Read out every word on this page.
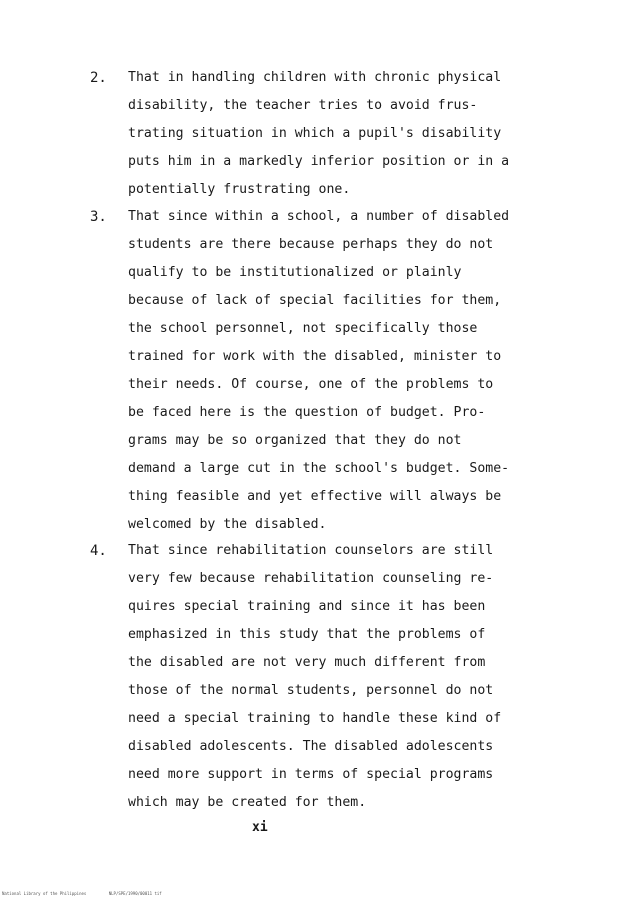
2. That in handling children with chronic physical
disability, the teacher tries to avoid frus-
trating situation in which a pupil's disability
puts him in a markedly inferior position or in a
potentially frustrating one.
3. That since within a school, a number of disabled
students are there because perhaps they do not
qualify to be institutionalized or plainly
because of lack of special facilities for them,
the school personnel, not specifically those
trained for work with the disabled, minister to
their needs. Of course, one of the problems to
be faced here is the question of budget. Pro-
grams may be so organized that they do not
demand a large cut in the school's budget. Some-
thing feasible and yet effective will always be
welcomed by the disabled.
4. That since rehabilitation counselors are still
very few because rehabilitation counseling re-
quires special training and since it has been
emphasized in this study that the problems of
the disabled are not very much different from
those of the normal students, personnel do not
need a special training to handle these kind of
disabled adolescents. The disabled adolescents
need more support in terms of special programs
which may be created for them.
xi
National Library of the Philippines	NLP/SPE/1990/00011 tif
